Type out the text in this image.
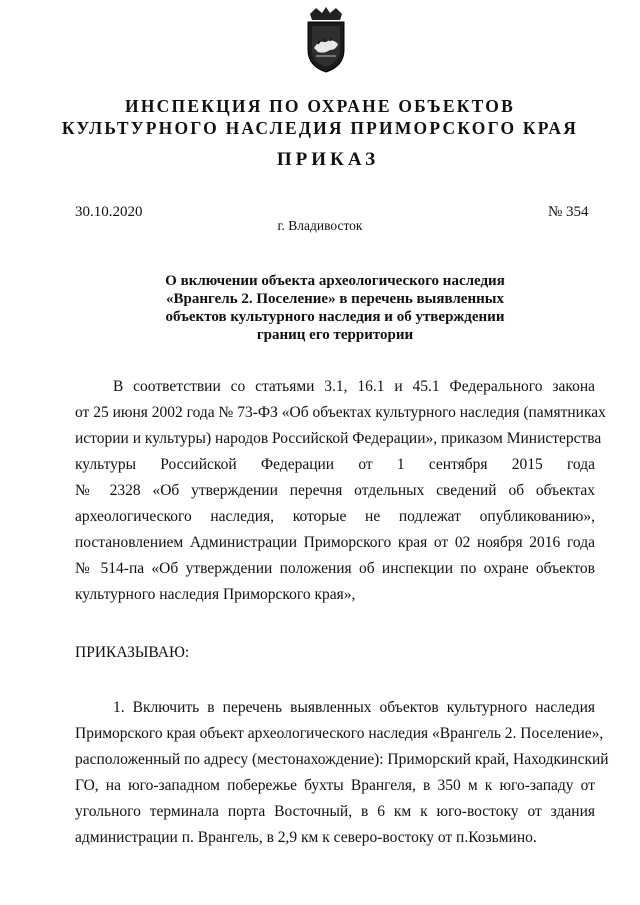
ИНСПЕКЦИЯ ПО ОХРАНЕ ОБЪЕКТОВ
КУЛЬТУРНОГО НАСЛЕДИЯ ПРИМОРСКОГО КРАЯ
ПРИКАЗ
30.10.2020	№ 354
г. Владивосток
О включении объекта археологического наследия
«Врангель 2. Поселение» в перечень выявленных
объектов культурного наследия и об утверждении
границ его территории
В соответствии со статьями 3.1, 16.1 и 45.1 Федерального закона
от 25 июня 2002 года № 73-ФЗ «Об объектах культурного наследия (памятниках
истории и культуры) народов Российской Федерации», приказом Министерства
культуры Российской Федерации от 1 сентября 2015 года
№ 2328 «Об утверждении перечня отдельных сведений об объектах
археологического наследия, которые не подлежат опубликованию»,
постановлением Администрации Приморского края от 02 ноября 2016 года
№ 514-па «Об утверждении положения об инспекции по охране объектов
культурного наследия Приморского края»,
ПРИКАЗЫВАЮ:
1. Включить в перечень выявленных объектов культурного наследия
Приморского края объект археологического наследия «Врангель 2. Поселение»,
расположенный по адресу (местонахождение): Приморский край, Находкинский
ГО, на юго-западном побережье бухты Врангеля, в 350 м к юго-западу от
угольного терминала порта Восточный, в 6 км к юго-востоку от здания
администрации п. Врангель, в 2,9 км к северо-востоку от п.Козьмино.
